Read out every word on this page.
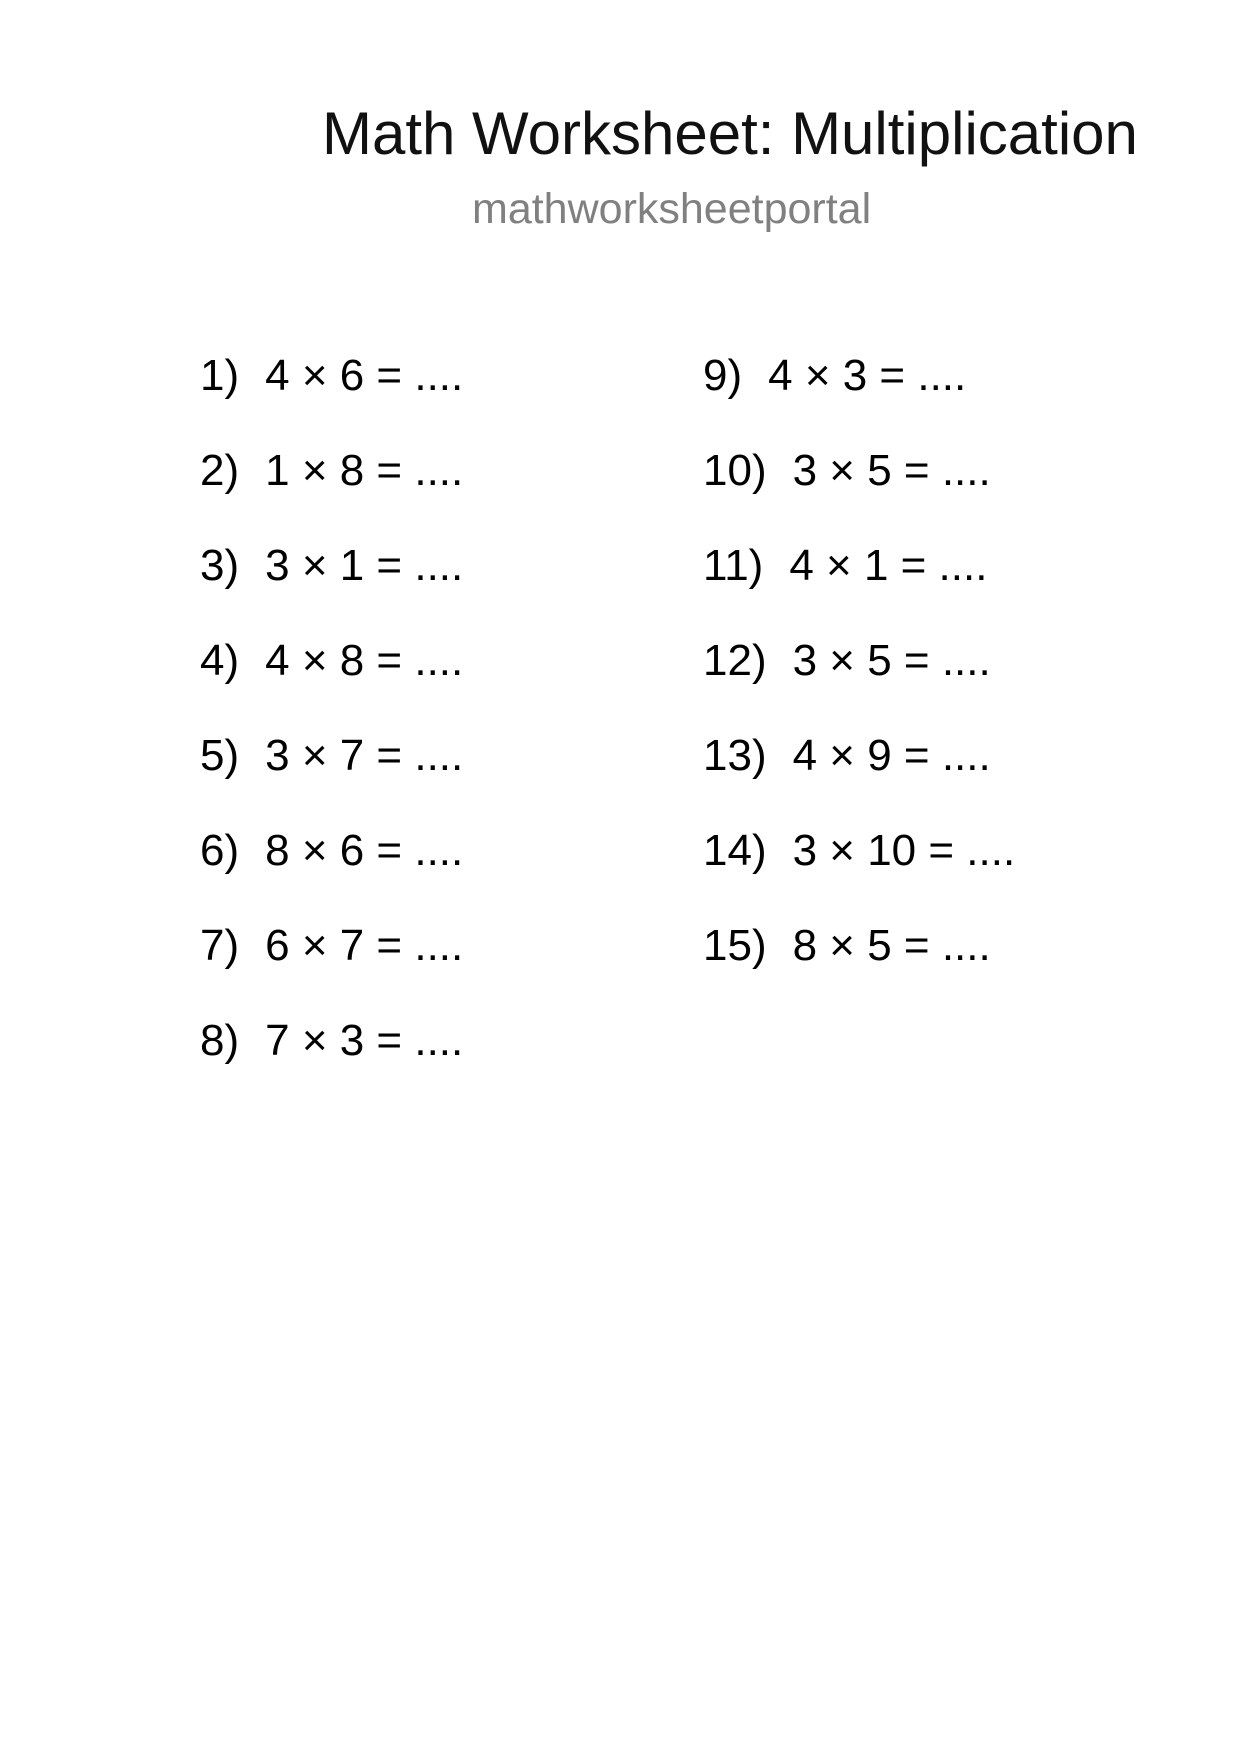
Math Worksheet: Multiplication
mathworksheetportal
1) 4 × 6 = ....
2) 1 × 8 = ....
3) 3 × 1 = ....
4) 4 × 8 = ....
5) 3 × 7 = ....
6) 8 × 6 = ....
7) 6 × 7 = ....
8) 7 × 3 = ....
9) 4 × 3 = ....
10) 3 × 5 = ....
11) 4 × 1 = ....
12) 3 × 5 = ....
13) 4 × 9 = ....
14) 3 × 10 = ....
15) 8 × 5 = ....
